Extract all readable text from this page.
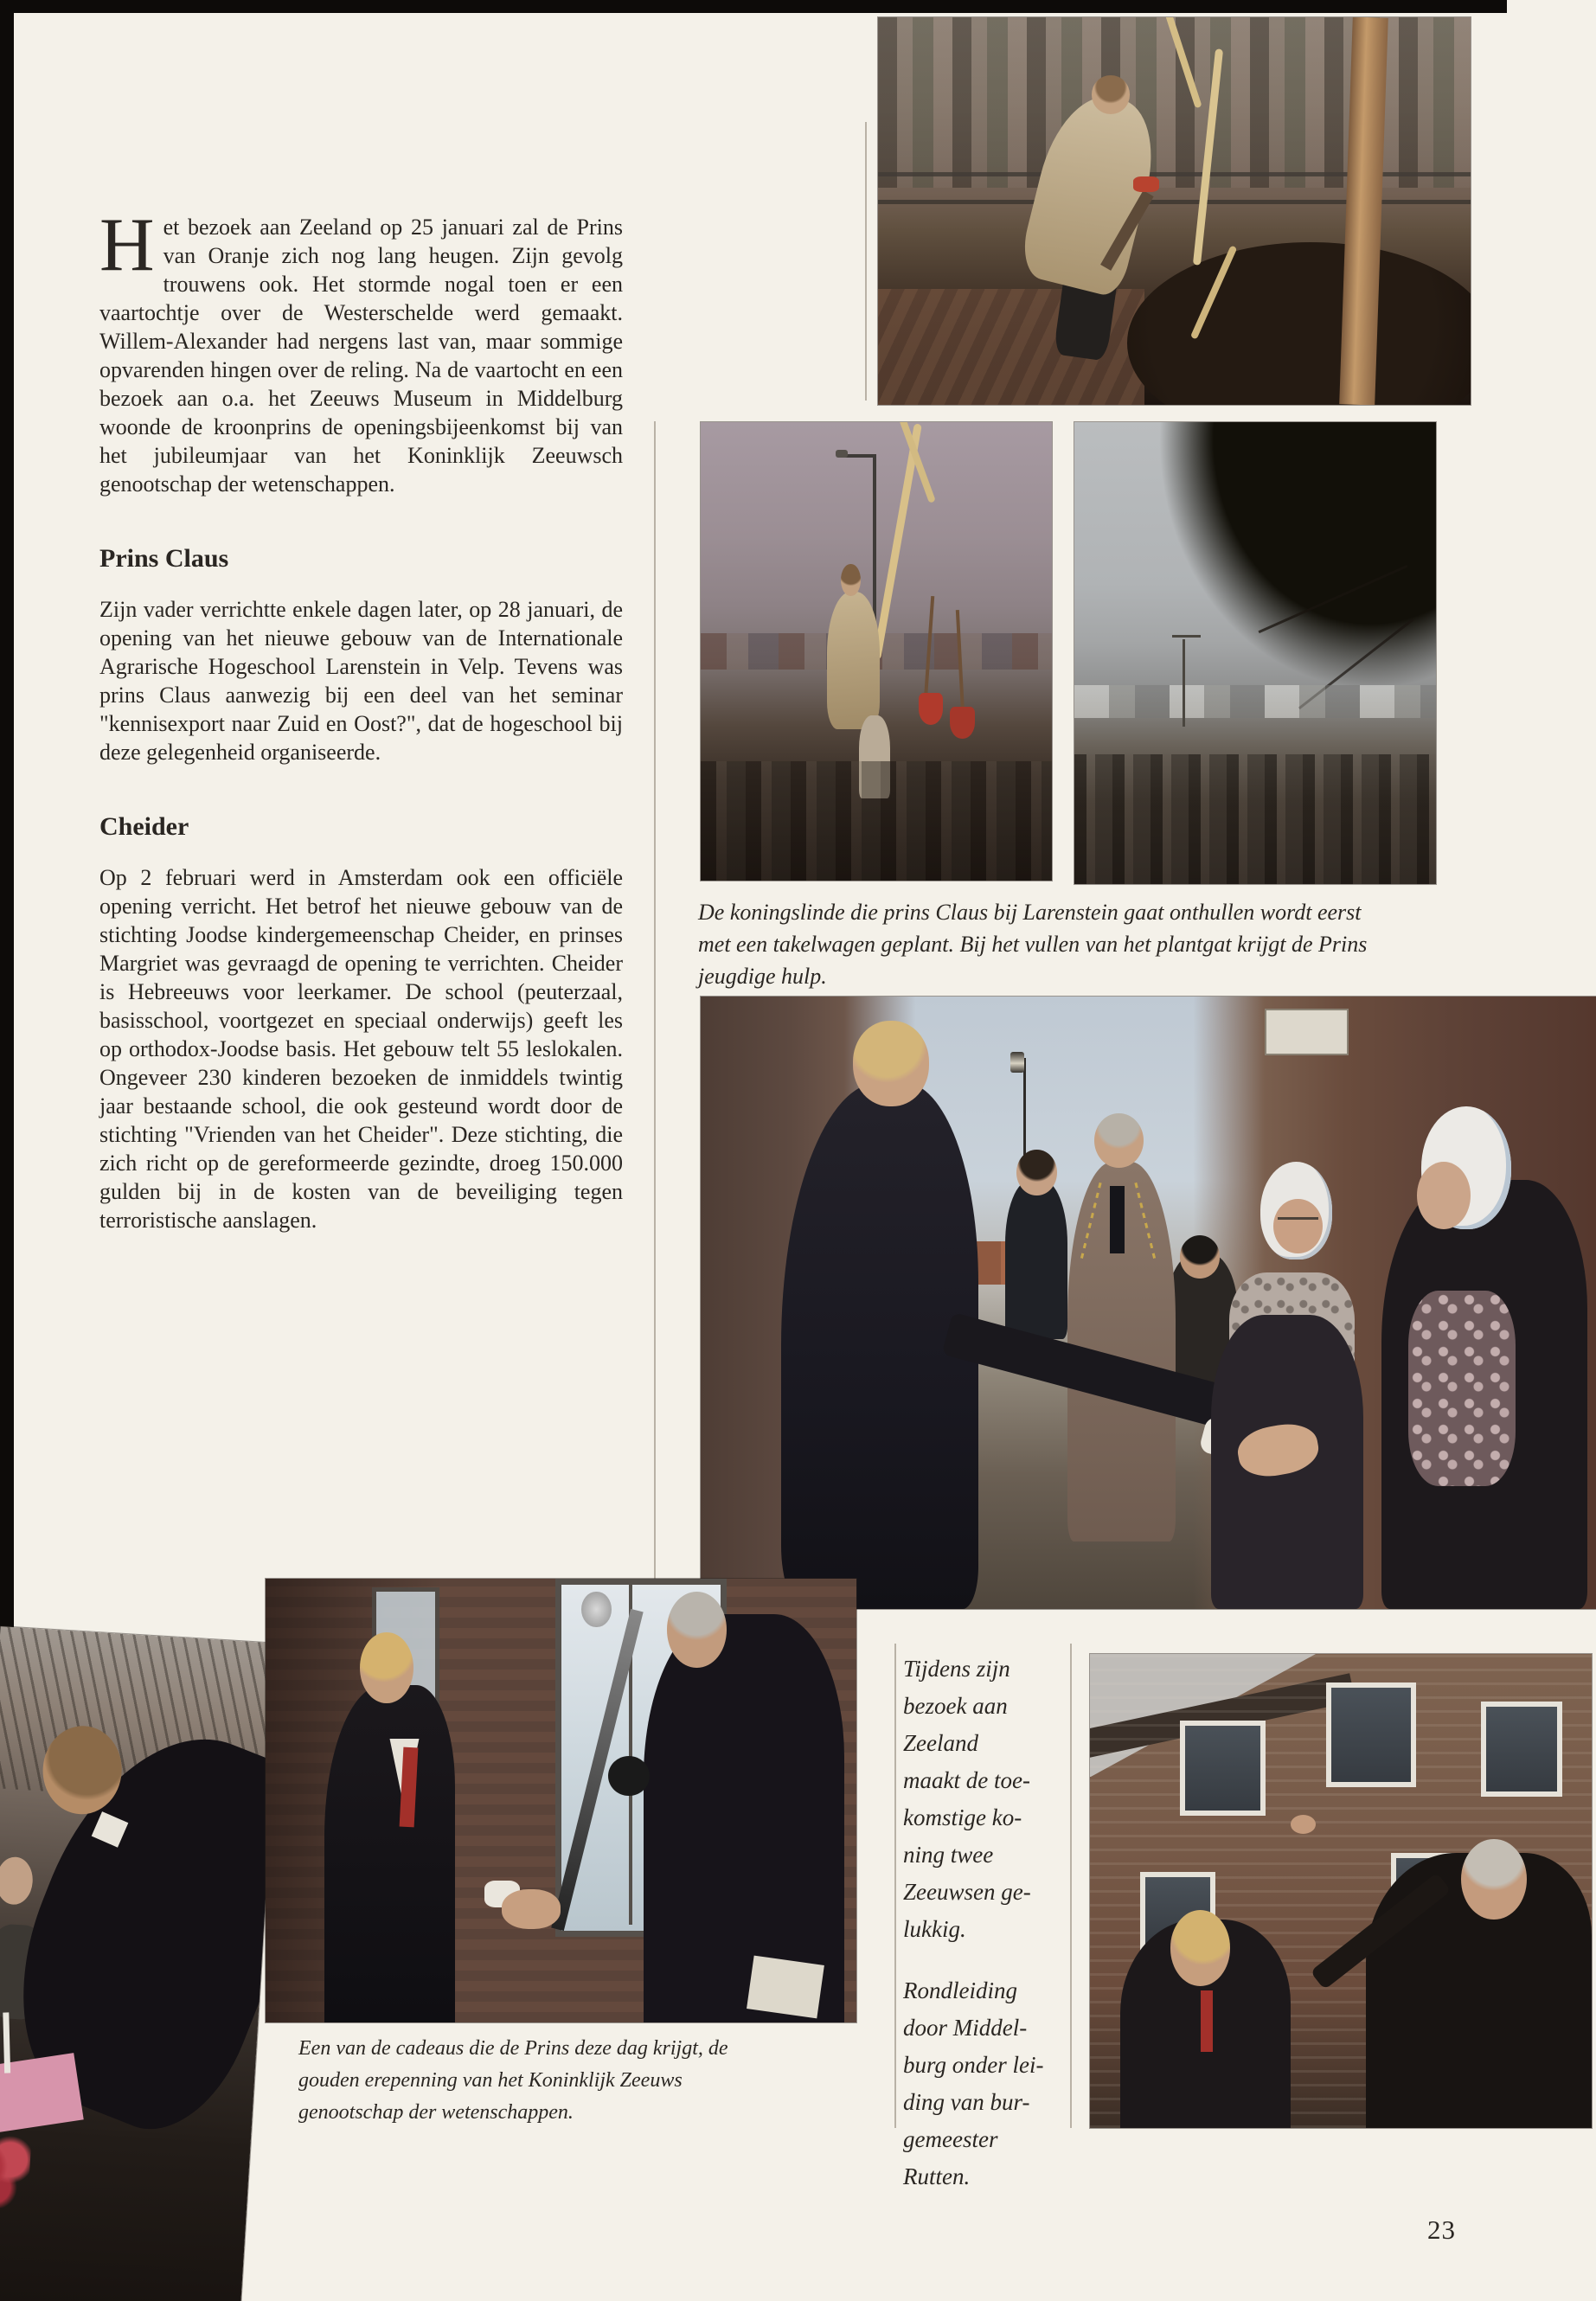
Het bezoek aan Zeeland op 25 januari zal de Prins van Oranje zich nog lang heugen. Zijn gevolg trouwens ook. Het stormde nogal toen er een vaartochtje over de Westerschelde werd gemaakt. Willem-Alexander had nergens last van, maar sommige opvarenden hingen over de reling. Na de vaartocht en een bezoek aan o.a. het Zeeuws Museum in Middelburg woonde de kroonprins de openingsbijeenkomst bij van het jubileumjaar van het Koninklijk Zeeuwsch genootschap der wetenschappen.

Prins Claus

Zijn vader verrichtte enkele dagen later, op 28 januari, de opening van het nieuwe gebouw van de Internationale Agrarische Hogeschool Larenstein in Velp. Tevens was prins Claus aanwezig bij een deel van het seminar "kennisexport naar Zuid en Oost?", dat de hogeschool bij deze gelegenheid organiseerde.

Cheider

Op 2 februari werd in Amsterdam ook een officiële opening verricht. Het betrof het nieuwe gebouw van de stichting Joodse kindergemeenschap Cheider, en prinses Margriet was gevraagd de opening te verrichten. Cheider is Hebreeuws voor leerkamer. De school (peuterzaal, basisschool, voortgezet en speciaal onderwijs) geeft les op orthodox-Joodse basis. Het gebouw telt 55 leslokalen. Ongeveer 230 kinderen bezoeken de inmiddels twintig jaar bestaande school, die ook gesteund wordt door de stichting "Vrienden van het Cheider". Deze stichting, die zich richt op de gereformeerde gezindte, droeg 150.000 gulden bij in de kosten van de beveiliging tegen terroristische aanslagen.

De koningslinde die prins Claus bij Larenstein gaat onthullen wordt eerst met een takelwagen geplant. Bij het vullen van het plantgat krijgt de Prins jeugdige hulp.
Een van de cadeaus die de Prins deze dag krijgt, de gouden erepenning van het Koninklijk Zeeuws genootschap der wetenschappen.
Tijdens zijn
bezoek aan
Zeeland
maakt de toe-
komstige ko-
ning twee
Zeeuwsen ge-
lukkig.
Rondleiding
door Middel-
burg onder lei-
ding van bur-
gemeester
Rutten.
23
